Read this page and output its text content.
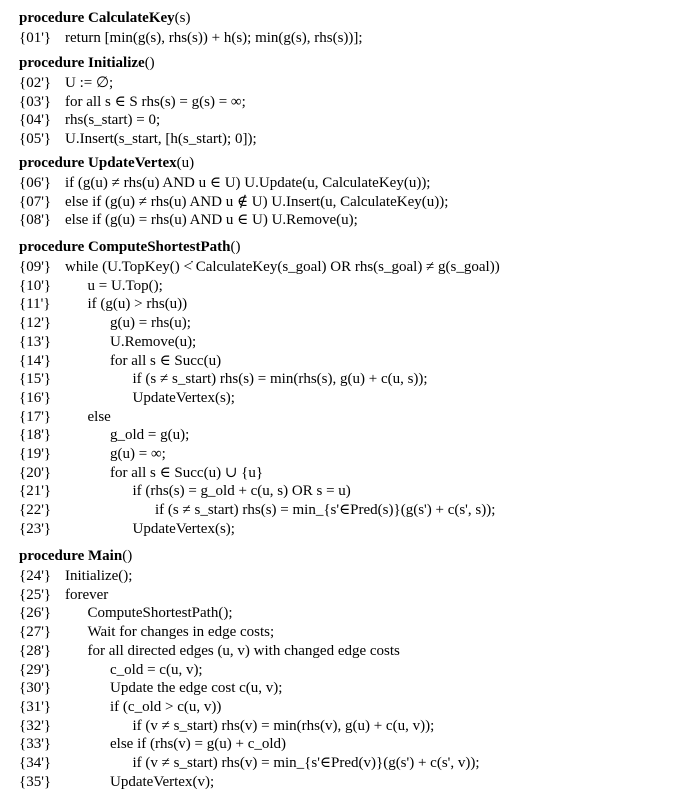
procedure CalculateKey(s)
{01'} return [min(g(s), rhs(s)) + h(s); min(g(s), rhs(s))];
procedure Initialize()
{02'} U := ∅;
{03'} for all s ∈ S rhs(s) = g(s) = ∞;
{04'} rhs(s_start) = 0;
{05'} U.Insert(s_start, [h(s_start); 0]);
procedure UpdateVertex(u)
{06'} if (g(u) ≠ rhs(u) AND u ∈ U) U.Update(u, CalculateKey(u));
{07'} else if (g(u) ≠ rhs(u) AND u ∉ U) U.Insert(u, CalculateKey(u));
{08'} else if (g(u) = rhs(u) AND u ∈ U) U.Remove(u);
procedure ComputeShortestPath()
{09'} while (U.TopKey() <̇ CalculateKey(s_goal) OR rhs(s_goal) ≠ g(s_goal))
{10'} u = U.Top();
{11'} if (g(u) > rhs(u))
{12'}	g(u) = rhs(u);
{13'}	U.Remove(u);
{14'}	for all s ∈ Succ(u)
{15'}	if (s ≠ s_start) rhs(s) = min(rhs(s), g(u) + c(u, s));
{16'}	UpdateVertex(s);
{17'} else
{18'}	g_old = g(u);
{19'}	g(u) = ∞;
{20'}	for all s ∈ Succ(u) ∪ {u}
{21'}	if (rhs(s) = g_old + c(u, s) OR s = u)
{22'}	if (s ≠ s_start) rhs(s) = min_{s'∈Pred(s)}(g(s') + c(s', s));
{23'}	UpdateVertex(s);
procedure Main()
{24'} Initialize();
{25'} forever
{26'} ComputeShortestPath();
{27'} Wait for changes in edge costs;
{28'} for all directed edges (u, v) with changed edge costs
{29'}	c_old = c(u, v);
{30'}	Update the edge cost c(u, v);
{31'}	if (c_old > c(u, v))
{32'}	if (v ≠ s_start) rhs(v) = min(rhs(v), g(u) + c(u, v));
{33'}	else if (rhs(v) = g(u) + c_old)
{34'}	if (v ≠ s_start) rhs(v) = min_{s'∈Pred(v)}(g(s') + c(s', v));
{35'}	UpdateVertex(v);
